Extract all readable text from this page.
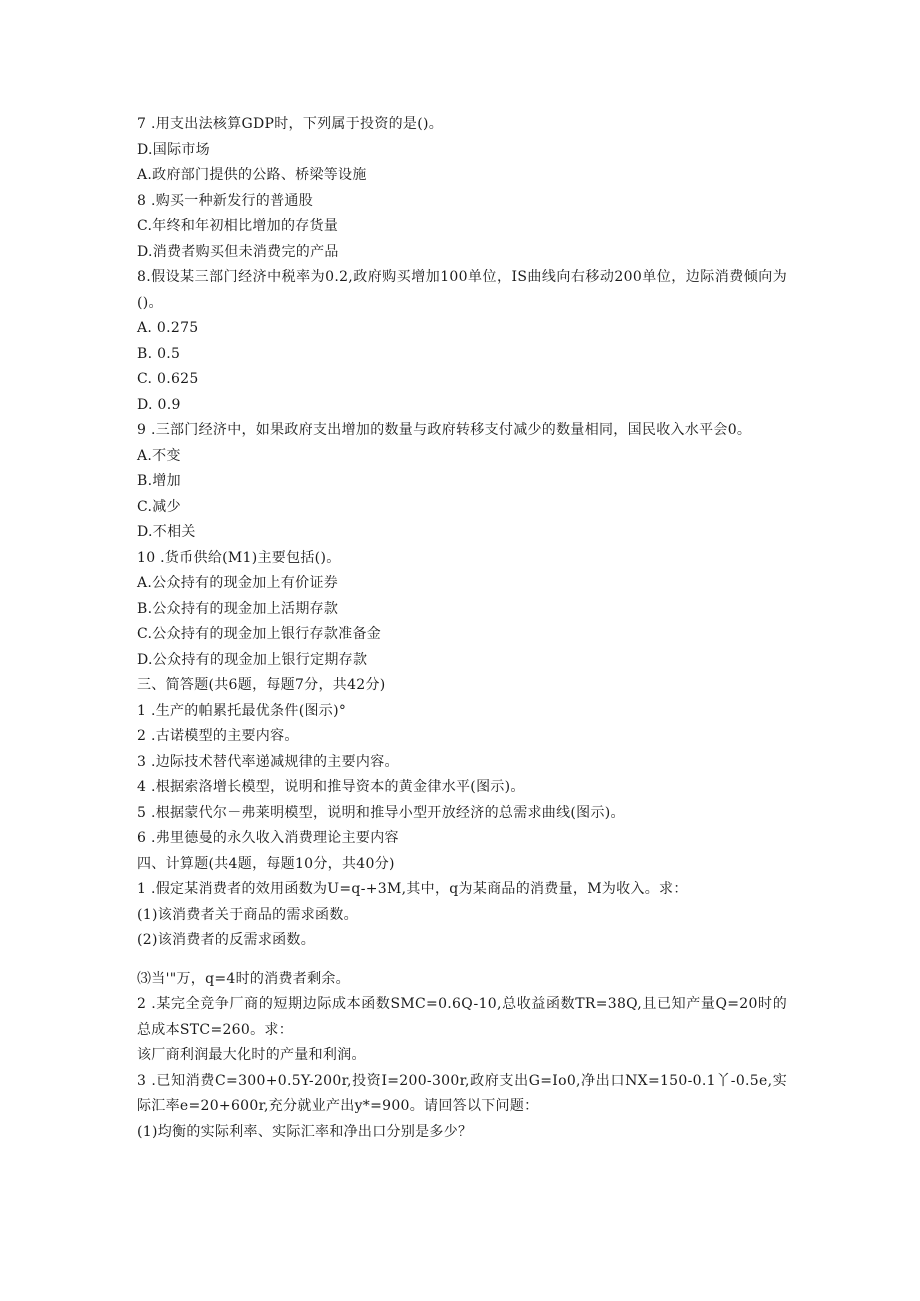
7 .用支出法核算GDP时，下列属于投资的是()。
D.国际市场
A.政府部门提供的公路、桥梁等设施
8 .购买一种新发行的普通股
C.年终和年初相比增加的存货量
D.消费者购买但未消费完的产品
8.假设某三部门经济中税率为0.2,政府购买增加100单位，IS曲线向右移动200单位，边际消费倾向为()。
A. 0.275
B. 0.5
C. 0.625
D. 0.9
9 .三部门经济中，如果政府支出增加的数量与政府转移支付减少的数量相同，国民收入水平会0。
A.不变
B.增加
C.减少
D.不相关
10 .货币供给(M1)主要包括()。
A.公众持有的现金加上有价证券
B.公众持有的现金加上活期存款
C.公众持有的现金加上银行存款准备金
D.公众持有的现金加上银行定期存款
三、简答题(共6题，每题7分，共42分)
1 .生产的帕累托最优条件(图示)°
2 .古诺模型的主要内容。
3 .边际技术替代率递减规律的主要内容。
4 .根据索洛增长模型，说明和推导资本的黄金律水平(图示)。
5 .根据蒙代尔－弗莱明模型，说明和推导小型开放经济的总需求曲线(图示)。
6 .弗里德曼的永久收入消费理论主要内容
四、计算题(共4题，每题10分，共40分)
1 .假定某消费者的效用函数为U=q-+3M,其中，q为某商品的消费量，M为收入。求：
(1)该消费者关于商品的需求函数。
(2)该消费者的反需求函数。
⑶当'"万，q=4时的消费者剩余。
2 .某完全竞争厂商的短期边际成本函数SMC=0.6Q-10,总收益函数TR=38Q,且已知产量Q=20时的总成本STC=260。求：
该厂商利润最大化时的产量和利润。
3 .已知消费C=300+0.5Y-200r,投资I=200-300r,政府支出G=Io0,净出口NX=150-0.1丫-0.5e,实际汇率e=20+600r,充分就业产出y*=900。请回答以下问题：
(1)均衡的实际利率、实际汇率和净出口分别是多少？
